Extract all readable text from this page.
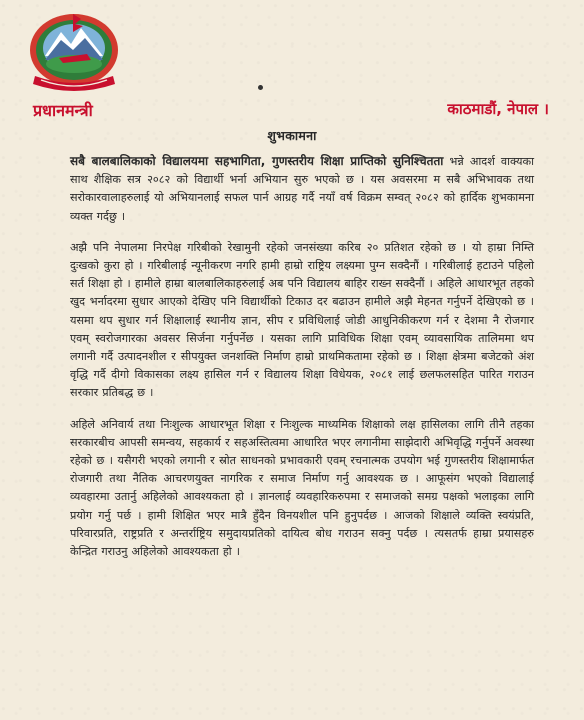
प्रधानमन्त्री	काठमाडौं, नेपाल ।
शुभकामना

सबै बालबालिकाको विद्यालयमा सहभागिता, गुणस्तरीय शिक्षा प्राप्तिको सुनिश्चितता भन्ने आदर्श वाक्यका साथ शैक्षिक सत्र २०८२ को विद्यार्थी भर्ना अभियान सुरु भएको छ । यस अवसरमा म सबै अभिभावक तथा सरोकारवालाहरुलाई यो अभियानलाई सफल पार्न आग्रह गर्दै नयाँ वर्ष विक्रम सम्वत् २०८२ को हार्दिक शुभकामना व्यक्त गर्दछु ।

अझै पनि नेपालमा निरपेक्ष गरिबीको रेखामुनी रहेको जनसंख्या करिब २० प्रतिशत रहेको छ । यो हाम्रा निम्ति दुःखको कुरा हो । गरिबीलाई न्यूनीकरण नगरि हामी हाम्रो राष्ट्रिय लक्ष्यमा पुग्न सक्दैनौं । गरिबीलाई हटाउने पहिलो सर्त शिक्षा हो । हामीले हाम्रा बालबालिकाहरुलाई अब पनि विद्यालय बाहिर राख्न सक्दैनौं । अहिले आधारभूत तहको खुद भर्नादरमा सुधार आएको देखिए पनि विद्यार्थीको टिकाउ दर बढाउन हामीले अझै मेहनत गर्नुपर्ने देखिएको छ । यसमा थप सुधार गर्न शिक्षालाई स्थानीय ज्ञान, सीप र प्रविधिलाई जोडी आधुनिकीकरण गर्न र देशमा नै रोजगार एवम् स्वरोजगारका अवसर सिर्जना गर्नुपर्नेछ । यसका लागि प्राविधिक शिक्षा एवम् व्यावसायिक तालिममा थप लगानी गर्दै उत्पादनशील र सीपयुक्त जनशक्ति निर्माण हाम्रो प्राथमिकतामा रहेको छ । शिक्षा क्षेत्रमा बजेटको अंश वृद्धि गर्दै दीगो विकासका लक्ष्य हासिल गर्न र विद्यालय शिक्षा विधेयक, २०८१ लाई छलफलसहित पारित गराउन सरकार प्रतिबद्ध छ ।

अहिले अनिवार्य तथा निःशुल्क आधारभूत शिक्षा र निःशुल्क माध्यमिक शिक्षाको लक्ष हासिलका लागि तीनै तहका सरकारबीच आपसी समन्वय, सहकार्य र सहअस्तित्वमा आधारित भएर लगानीमा साझेदारी अभिवृद्धि गर्नुपर्ने अवस्था रहेको छ । यसैगरी भएको लगानी र स्रोत साधनको प्रभावकारी एवम् रचनात्मक उपयोग भई गुणस्तरीय शिक्षामार्फत रोजगारी तथा नैतिक आचरणयुक्त नागरिक र समाज निर्माण गर्नु आवश्यक छ । आफूसंग भएको विद्यालाई व्यवहारमा उतार्नु अहिलेको आवश्यकता हो । ज्ञानलाई व्यवहारिकरुपमा र समाजको समग्र पक्षको भलाइका लागि प्रयोग गर्नु पर्छ । हामी शिक्षित भएर मात्रै हुँदैन विनयशील पनि हुनुपर्दछ । आजको शिक्षाले व्यक्ति स्वयंप्रति, परिवारप्रति, राष्ट्रप्रति र अन्तर्राष्ट्रिय समुदायप्रतिको दायित्व बोध गराउन सक्नु पर्दछ । त्यसतर्फ हाम्रा प्रयासहरु केन्द्रित गराउनु अहिलेको आवश्यकता हो ।
